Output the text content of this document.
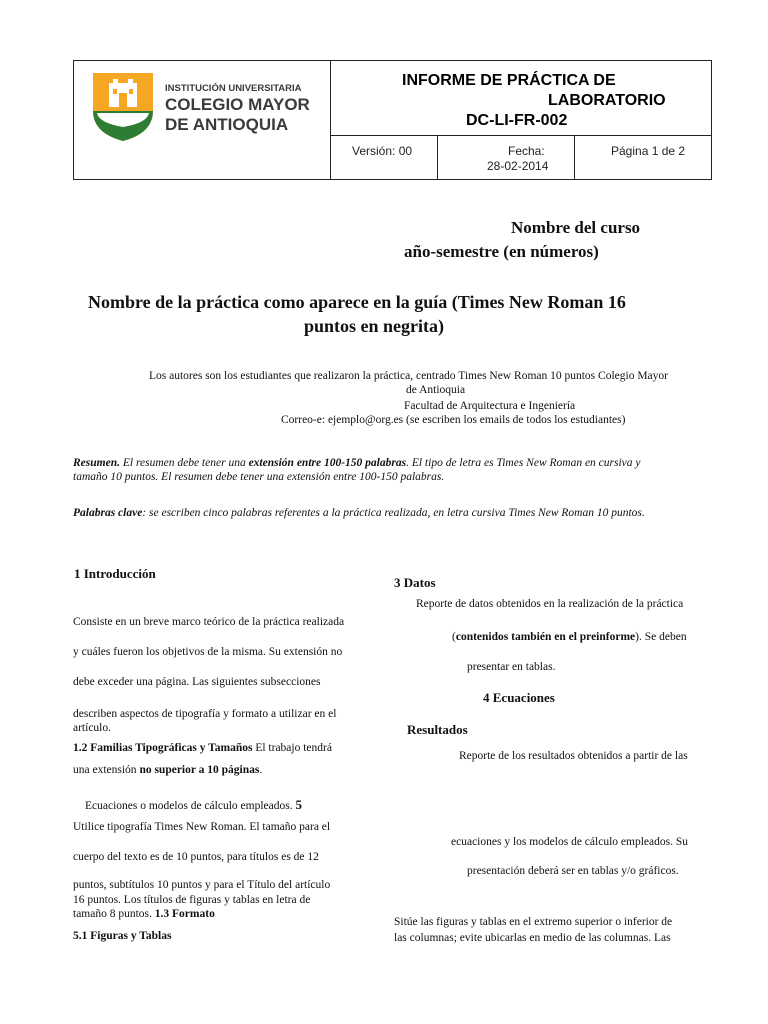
INSTITUCIÓN UNIVERSITARIA
COLEGIO MAYOR
DE ANTIOQUIA
INFORME DE PRÁCTICA DE
LABORATORIO
DC-LI-FR-002
Versión: 00	Fecha:
28-02-2014
Página 1 de 2
Nombre del curso
año-semestre (en números)
Nombre de la práctica como aparece en la guía (Times New Roman 16
puntos en negrita)
Los autores son los estudiantes que realizaron la práctica, centrado Times New Roman 10 puntos Colegio Mayor
de Antioquia
Facultad de Arquitectura e Ingeniería
Correo-e: ejemplo@org.es (se escriben los emails de todos los estudiantes)
Resumen. El resumen debe tener una extensión entre 100-150 palabras. El tipo de letra es Times New Roman en cursiva y
tamaño 10 puntos. El resumen debe tener una extensión entre 100-150 palabras.
Palabras clave: se escriben cinco palabras referentes a la práctica realizada, en letra cursiva Times New Roman 10 puntos.
1 Introducción
Consiste en un breve marco teórico de la práctica realizada
y cuáles fueron los objetivos de la misma. Su extensión no
debe exceder una página. Las siguientes subsecciones
describen aspectos de tipografía y formato a utilizar en el
artículo.
1.2 Familias Tipográficas y Tamaños El trabajo tendrá
una extensión no superior a 10 páginas.
Ecuaciones o modelos de cálculo empleados. 5
Utilice tipografía Times New Roman. El tamaño para el
cuerpo del texto es de 10 puntos, para títulos es de 12
puntos, subtítulos 10 puntos y para el Título del artículo
16 puntos. Los títulos de figuras y tablas en letra de
tamaño 8 puntos. 1.3 Formato
5.1 Figuras y Tablas
3 Datos
Reporte de datos obtenidos en la realización de la práctica
(contenidos también en el preinforme). Se deben
presentar en tablas.
4 Ecuaciones
Resultados
Reporte de los resultados obtenidos a partir de las
ecuaciones y los modelos de cálculo empleados. Su
presentación deberá ser en tablas y/o gráficos.
Sitúe las figuras y tablas en el extremo superior o inferior de
las columnas; evite ubicarlas en medio de las columnas. Las
